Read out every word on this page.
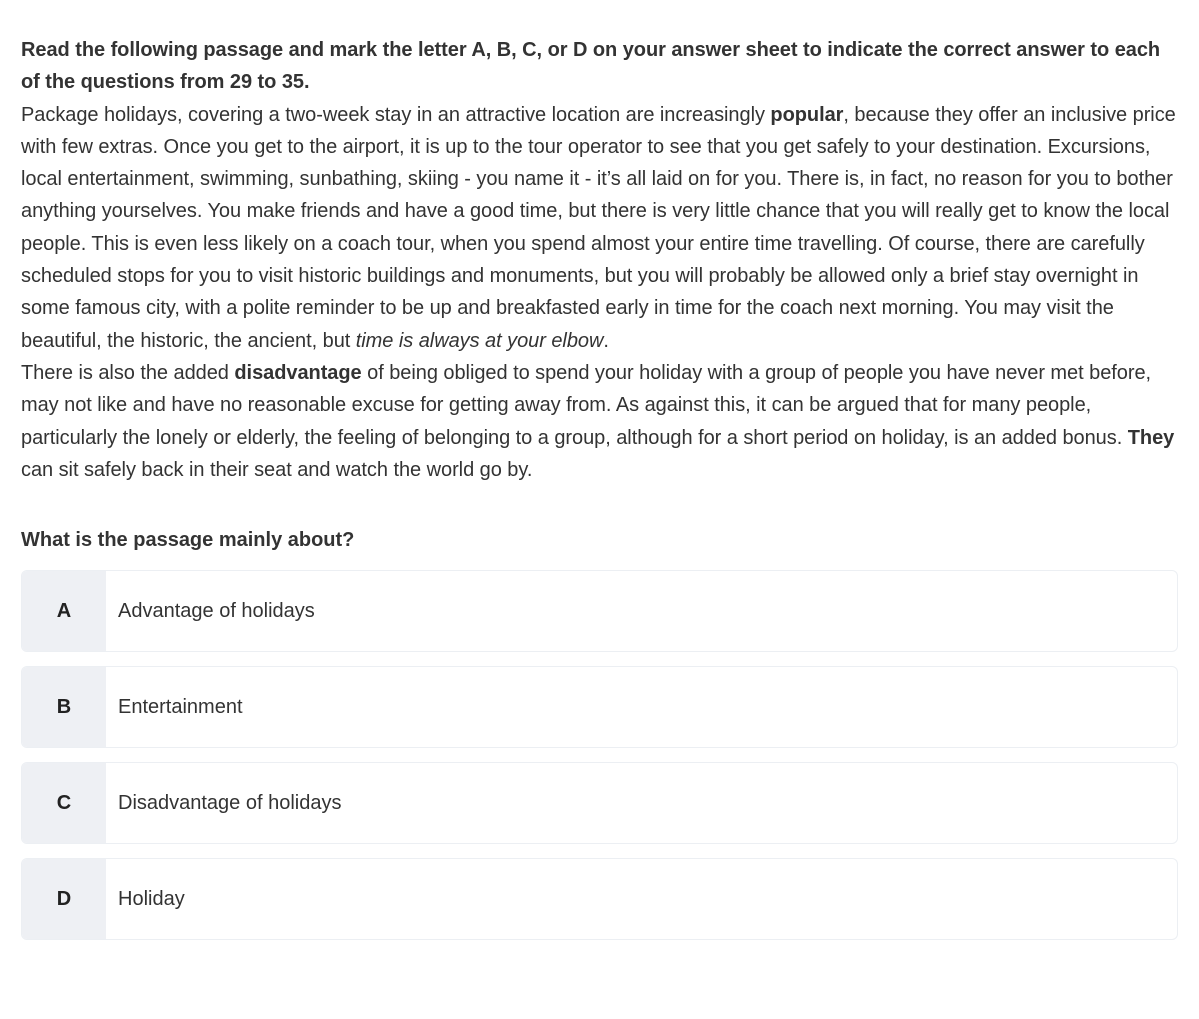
Read the following passage and mark the letter A, B, C, or D on your answer sheet to indicate the correct answer to each of the questions from 29 to 35.

Package holidays, covering a two-week stay in an attractive location are increasingly popular, because they offer an inclusive price with few extras. Once you get to the airport, it is up to the tour operator to see that you get safely to your destination. Excursions, local entertainment, swimming, sunbathing, skiing - you name it - it’s all laid on for you. There is, in fact, no reason for you to bother anything yourselves. You make friends and have a good time, but there is very little chance that you will really get to know the local people. This is even less likely on a coach tour, when you spend almost your entire time travelling. Of course, there are carefully scheduled stops for you to visit historic buildings and monuments, but you will probably be allowed only a brief stay overnight in some famous city, with a polite reminder to be up and breakfasted early in time for the coach next morning. You may visit the beautiful, the historic, the ancient, but time is always at your elbow.

There is also the added disadvantage of being obliged to spend your holiday with a group of people you have never met before, may not like and have no reasonable excuse for getting away from. As against this, it can be argued that for many people, particularly the lonely or elderly, the feeling of belonging to a group, although for a short period on holiday, is an added bonus. They can sit safely back in their seat and watch the world go by.

What is the passage mainly about?

A	Advantage of holidays
B	Entertainment
C	Disadvantage of holidays
D	Holiday
